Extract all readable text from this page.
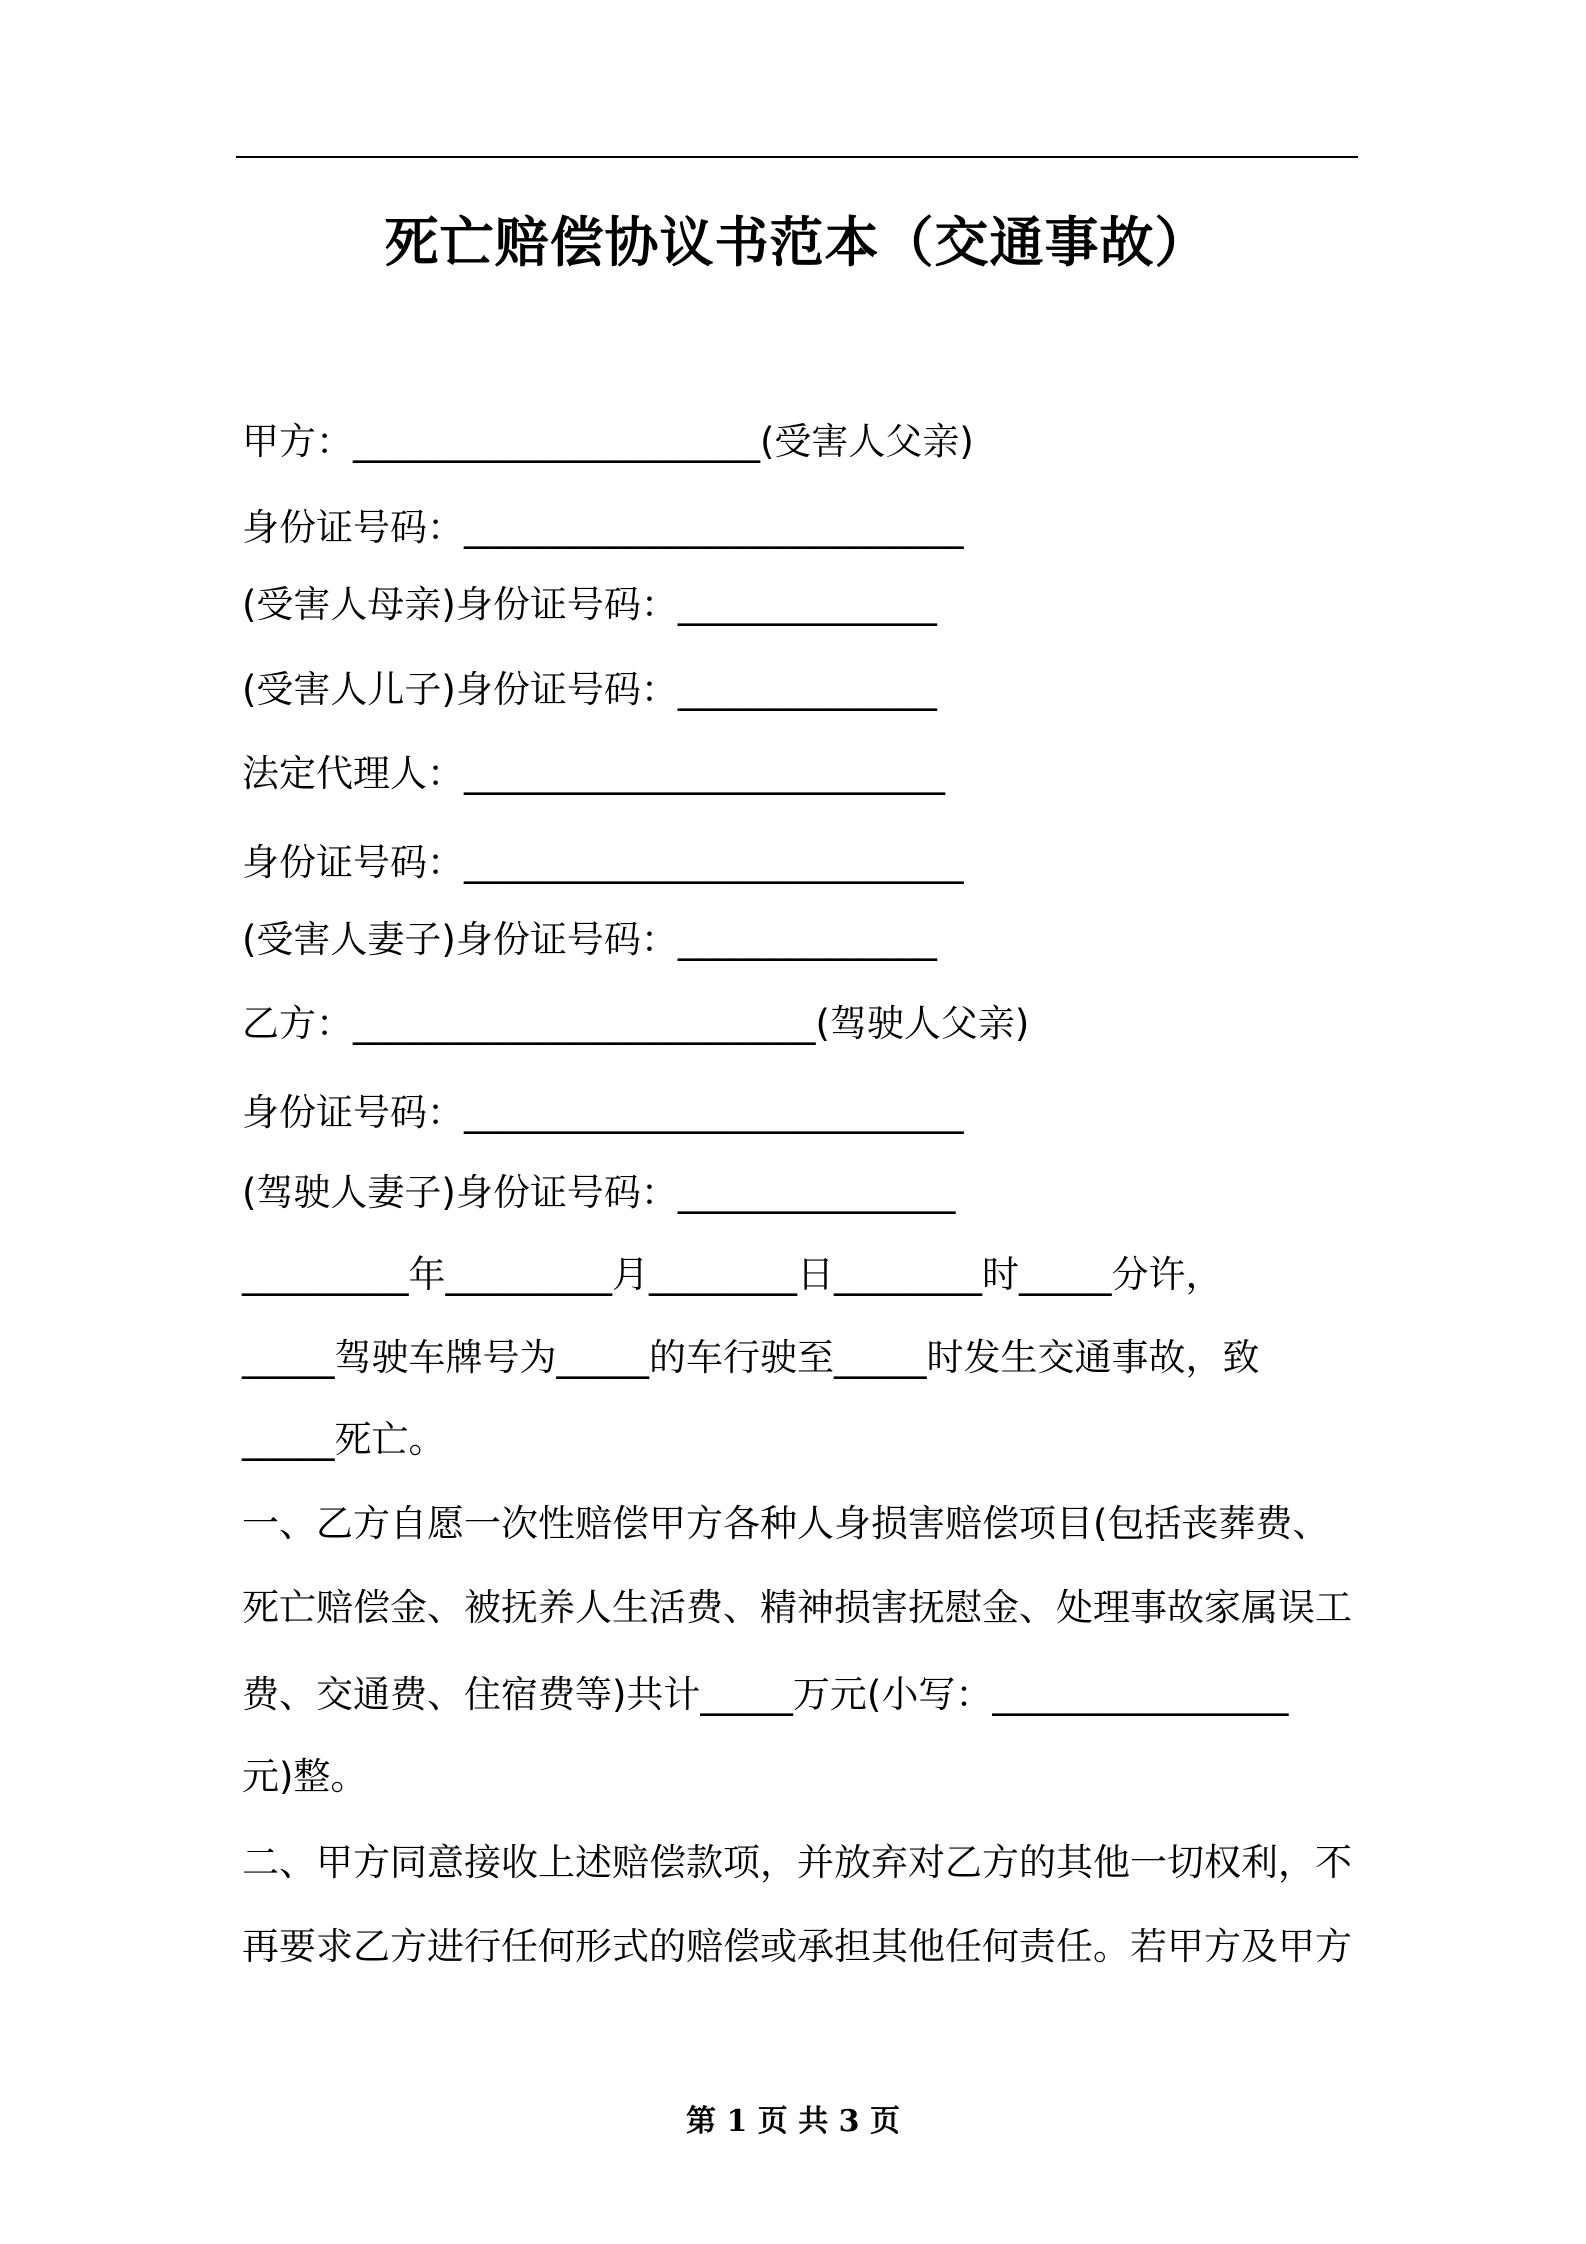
死亡赔偿协议书范本（交通事故）
甲方：______________________(受害人父亲)
身份证号码：___________________________
(受害人母亲)身份证号码：______________
(受害人儿子)身份证号码：______________
法定代理人：__________________________
身份证号码：___________________________
(受害人妻子)身份证号码：______________
乙方：_________________________(驾驶人父亲)
身份证号码：___________________________
(驾驶人妻子)身份证号码：_______________
_________年_________月________日________时_____分许，
_____驾驶车牌号为_____的车行驶至_____时发生交通事故，致
_____死亡。
一、乙方自愿一次性赔偿甲方各种人身损害赔偿项目(包括丧葬费、
死亡赔偿金、被抚养人生活费、精神损害抚慰金、处理事故家属误工
费、交通费、住宿费等)共计_____万元(小写：________________
元)整。
二、甲方同意接收上述赔偿款项，并放弃对乙方的其他一切权利，不
再要求乙方进行任何形式的赔偿或承担其他任何责任。若甲方及甲方
第 1 页 共 3 页
